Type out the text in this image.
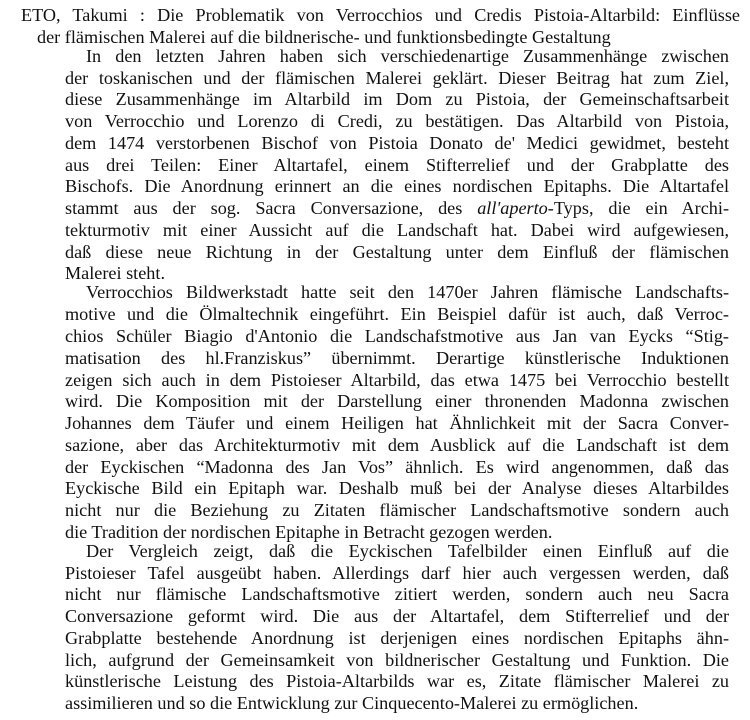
ETO, Takumi : Die Problematik von Verrocchios und Credis Pistoia-Altarbild: Einflüsse
der flämischen Malerei auf die bildnerische- und funktionsbedingte Gestaltung
In den letzten Jahren haben sich verschiedenartige Zusammenhänge zwischen
der toskanischen und der flämischen Malerei geklärt. Dieser Beitrag hat zum Ziel,
diese Zusammenhänge im Altarbild im Dom zu Pistoia, der Gemeinschaftsarbeit
von Verrocchio und Lorenzo di Credi, zu bestätigen. Das Altarbild von Pistoia,
dem 1474 verstorbenen Bischof von Pistoia Donato de' Medici gewidmet, besteht
aus drei Teilen: Einer Altartafel, einem Stifterrelief und der Grabplatte des
Bischofs. Die Anordnung erinnert an die eines nordischen Epitaphs. Die Altartafel
stammt aus der sog. Sacra Conversazione, des all'aperto-Typs, die ein Archi-
tekturmotiv mit einer Aussicht auf die Landschaft hat. Dabei wird aufgewiesen,
daß diese neue Richtung in der Gestaltung unter dem Einfluß der flämischen
Malerei steht.
Verrocchios Bildwerkstadt hatte seit den 1470er Jahren flämische Landschafts-
motive und die Ölmaltechnik eingeführt. Ein Beispiel dafür ist auch, daß Verroc-
chios Schüler Biagio d'Antonio die Landschafstmotive aus Jan van Eycks “Stig-
matisation des hl.Franziskus” übernimmt. Derartige künstlerische Induktionen
zeigen sich auch in dem Pistoieser Altarbild, das etwa 1475 bei Verrocchio bestellt
wird. Die Komposition mit der Darstellung einer thronenden Madonna zwischen
Johannes dem Täufer und einem Heiligen hat Ähnlichkeit mit der Sacra Conver-
sazione, aber das Architekturmotiv mit dem Ausblick auf die Landschaft ist dem
der Eyckischen “Madonna des Jan Vos” ähnlich. Es wird angenommen, daß das
Eyckische Bild ein Epitaph war. Deshalb muß bei der Analyse dieses Altarbildes
nicht nur die Beziehung zu Zitaten flämischer Landschaftsmotive sondern auch
die Tradition der nordischen Epitaphe in Betracht gezogen werden.
Der Vergleich zeigt, daß die Eyckischen Tafelbilder einen Einfluß auf die
Pistoieser Tafel ausgeübt haben. Allerdings darf hier auch vergessen werden, daß
nicht nur flämische Landschaftsmotive zitiert werden, sondern auch neu Sacra
Conversazione geformt wird. Die aus der Altartafel, dem Stifterrelief und der
Grabplatte bestehende Anordnung ist derjenigen eines nordischen Epitaphs ähn-
lich, aufgrund der Gemeinsamkeit von bildnerischer Gestaltung und Funktion. Die
künstlerische Leistung des Pistoia-Altarbilds war es, Zitate flämischer Malerei zu
assimilieren und so die Entwicklung zur Cinquecento-Malerei zu ermöglichen.
